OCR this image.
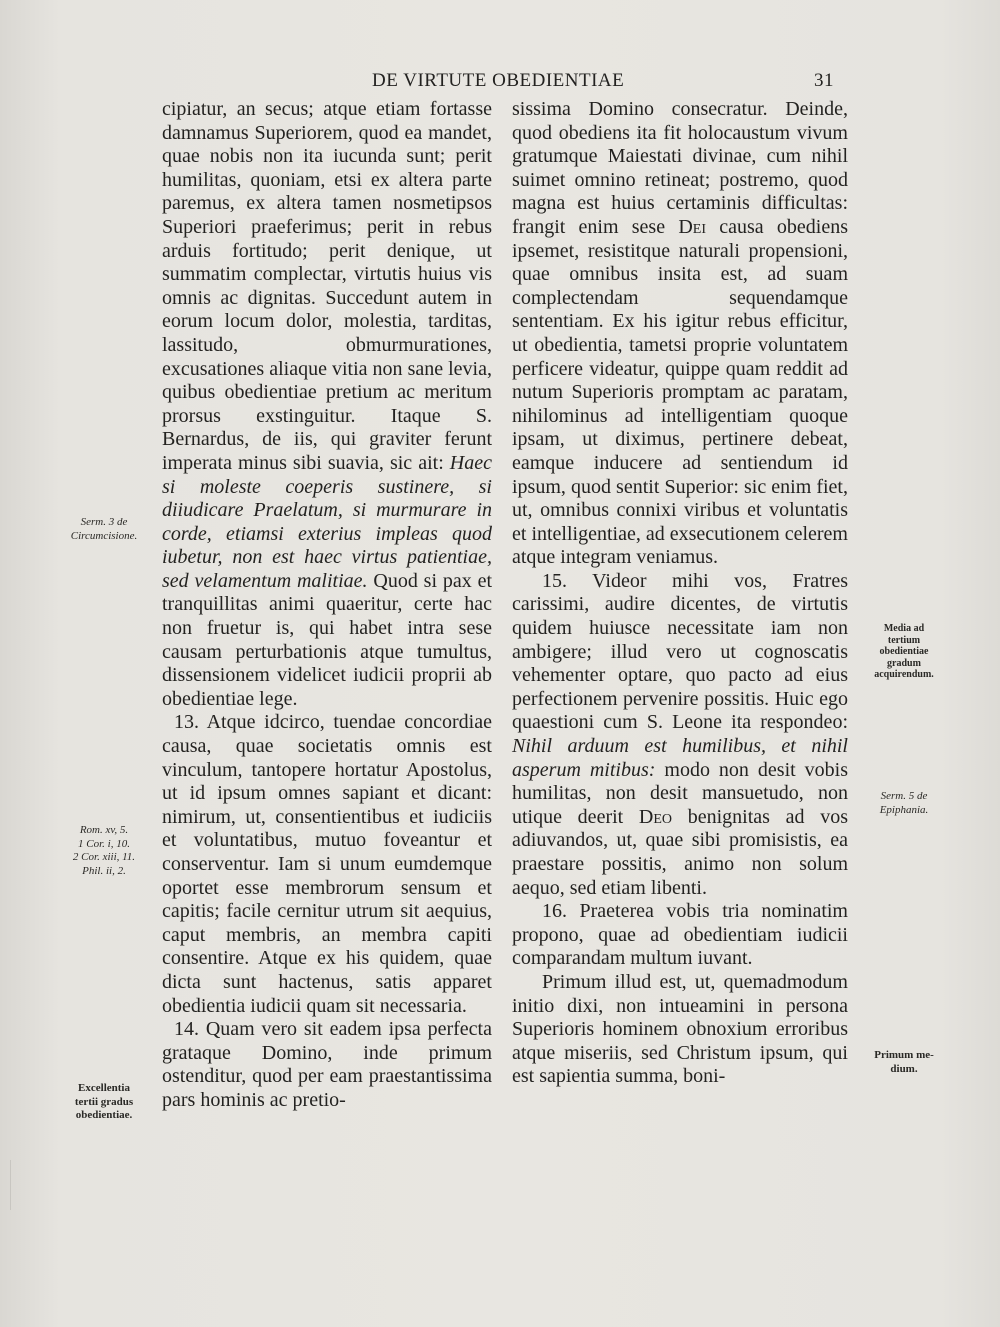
DE VIRTUTE OBEDIENTIAE	31
Serm. 3 de
Circumcisione.
Rom. xv, 5.
1 Cor. i, 10.
2 Cor. xiii, 11.
Phil. ii, 2.
Excellentia
tertii gradus
obedientiae.
Media ad
tertium
obedientiae
gradum
acquirendum.
Serm. 5 de
Epiphania.
Primum me-
dium.

cipiatur, an secus; atque etiam fortasse damnamus Superiorem, quod ea mandet, quae nobis non ita iucunda sunt; perit humilitas, quoniam, etsi ex altera parte paremus, ex altera tamen nosmetipsos Superiori praeferimus; perit in rebus arduis fortitudo; perit denique, ut summatim complectar, virtutis huius vis omnis ac dignitas. Succedunt autem in eorum locum dolor, molestia, tarditas, lassitudo, obmurmurationes, excusationes aliaque vitia non sane levia, quibus obedientiae pretium ac meritum prorsus exstinguitur. Itaque S. Bernardus, de iis, qui graviter ferunt imperata minus sibi suavia, sic ait: Haec si moleste coeperis sustinere, si diiudicare Praelatum, si murmurare in corde, etiamsi exterius impleas quod iubetur, non est haec virtus patientiae, sed velamentum malitiae. Quod si pax et tranquillitas animi quaeritur, certe hac non fruetur is, qui habet intra sese causam perturbationis atque tumultus, dissensionem videlicet iudicii proprii ab obedientiae lege.

13. Atque idcirco, tuendae concordiae causa, quae societatis omnis est vinculum, tantopere hortatur Apostolus, ut id ipsum omnes sapiant et dicant: nimirum, ut, consentientibus et iudiciis et voluntatibus, mutuo foveantur et conserventur. Iam si unum eumdemque oportet esse membrorum sensum et capitis; facile cernitur utrum sit aequius, caput membris, an membra capiti consentire. Atque ex his quidem, quae dicta sunt hactenus, satis apparet obedientia iudicii quam sit necessaria.

14. Quam vero sit eadem ipsa perfecta grataque Domino, inde primum ostenditur, quod per eam praestantissima pars hominis ac pretio-

sissima Domino consecratur. Deinde, quod obediens ita fit holocaustum vivum gratumque Maiestati divinae, cum nihil suimet omnino retineat; postremo, quod magna est huius certaminis difficultas: frangit enim sese Dei causa obediens ipsemet, resistitque naturali propensioni, quae omnibus insita est, ad suam complectendam sequendamque sententiam. Ex his igitur rebus efficitur, ut obedientia, tametsi proprie voluntatem perficere videatur, quippe quam reddit ad nutum Superioris promptam ac paratam, nihilominus ad intelligentiam quoque ipsam, ut diximus, pertinere debeat, eamque inducere ad sentiendum id ipsum, quod sentit Superior: sic enim fiet, ut, omnibus connixi viribus et voluntatis et intelligentiae, ad exsecutionem celerem atque integram veniamus.

15. Videor mihi vos, Fratres carissimi, audire dicentes, de virtutis quidem huiusce necessitate iam non ambigere; illud vero ut cognoscatis vehementer optare, quo pacto ad eius perfectionem pervenire possitis. Huic ego quaestioni cum S. Leone ita respondeo: Nihil arduum est humilibus, et nihil asperum mitibus: modo non desit vobis humilitas, non desit mansuetudo, non utique deerit Deo benignitas ad vos adiuvandos, ut, quae sibi promisistis, ea praestare possitis, animo non solum aequo, sed etiam libenti.

16. Praeterea vobis tria nominatim propono, quae ad obedientiam iudicii comparandam multum iuvant.

Primum illud est, ut, quemadmodum initio dixi, non intueamini in persona Superioris hominem obnoxium erroribus atque miseriis, sed Christum ipsum, qui est sapientia summa, boni-
